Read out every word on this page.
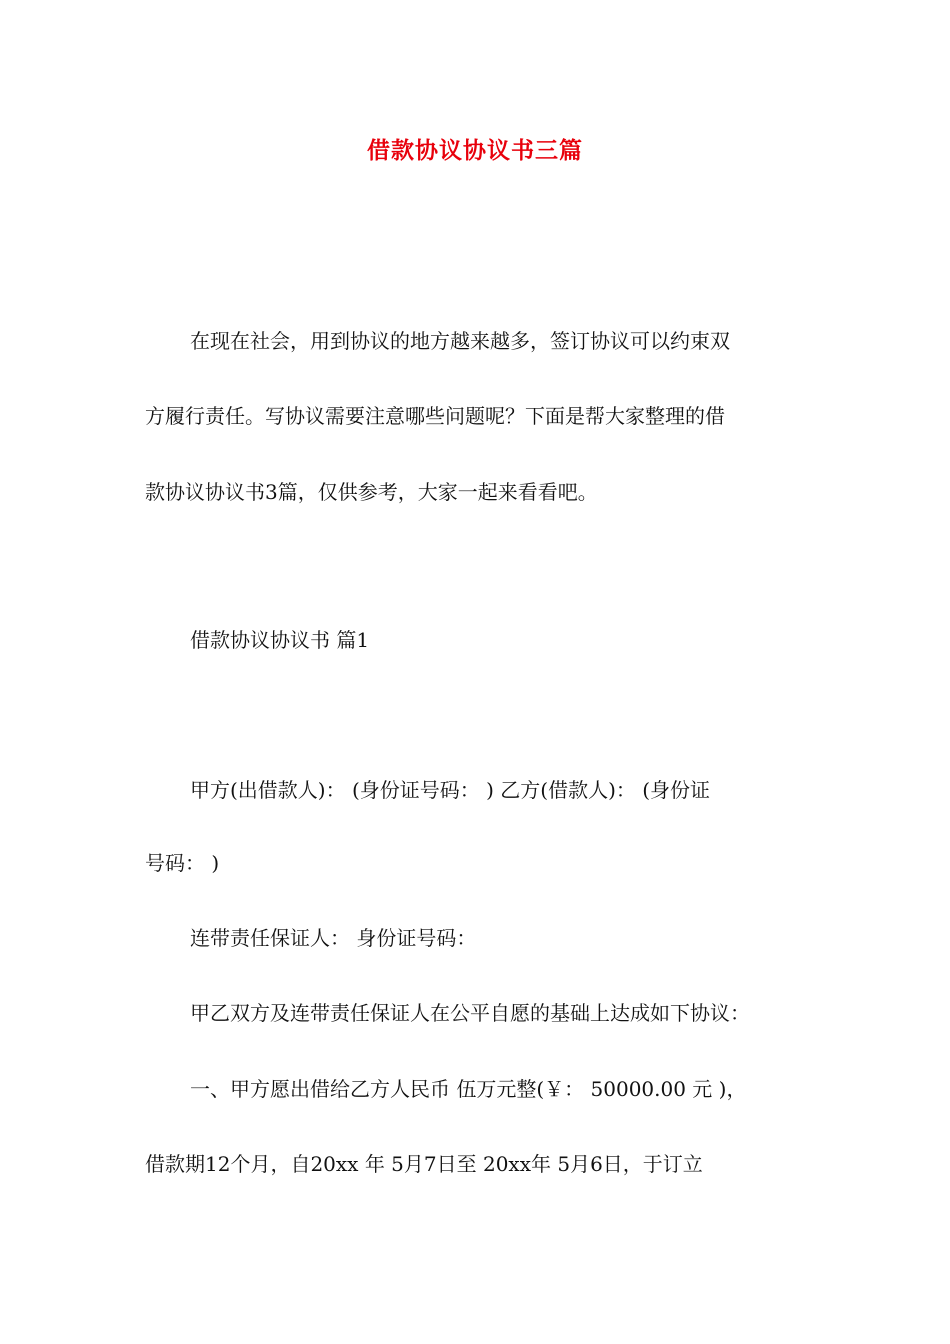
借款协议协议书三篇
在现在社会，用到协议的地方越来越多，签订协议可以约束双
方履行责任。写协议需要注意哪些问题呢？下面是帮大家整理的借
款协议协议书3篇，仅供参考，大家一起来看看吧。
借款协议协议书 篇1
甲方(出借款人)： (身份证号码： ) 乙方(借款人)： (身份证
号码： )
连带责任保证人： 身份证号码：
甲乙双方及连带责任保证人在公平自愿的基础上达成如下协议：
一、甲方愿出借给乙方人民币 伍万元整(￥： 50000.00 元 )，
借款期12个月，自20xx 年 5月7日至 20xx年 5月6日，于订立
